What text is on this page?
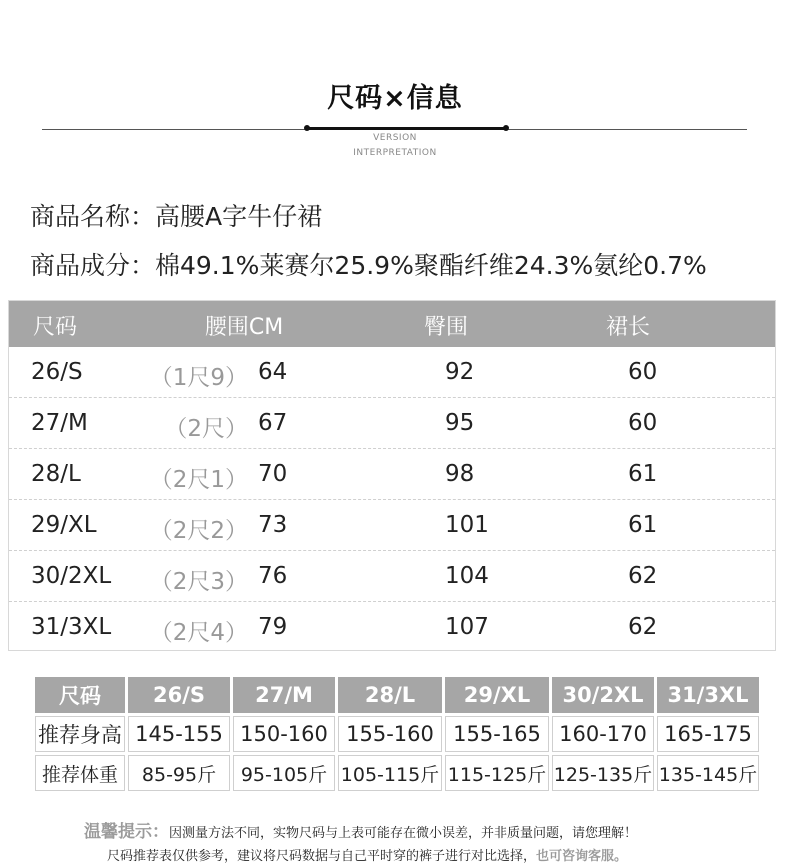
尺码×信息
VERSION
INTERPRETATION
商品名称：高腰A字牛仔裙
商品成分：棉49.1%莱赛尔25.9%聚酯纤维24.3%氨纶0.7%
尺码	腰围CM	臀围	裙长
26/S	（1尺9） 64	92	60
27/M	（2尺） 67	95	60
28/L	（2尺1） 70	98	61
29/XL （2尺2） 73	101	61
30/2XL （2尺3） 76	104	62
31/3XL （2尺4） 79	107	62
尺码	26/S	27/M	28/L	29/XL	30/2XL	31/3XL
推荐身高	145-155	150-160	155-160	155-165	160-170	165-175
推荐体重	85-95斤	95-105斤	105-115斤	115-125斤	125-135斤	135-145斤
温馨提示：因测量方法不同，实物尺码与上表可能存在微小误差，并非质量问题，请您理解！
尺码推荐表仅供参考，建议将尺码数据与自己平时穿的裤子进行对比选择，也可咨询客服。
